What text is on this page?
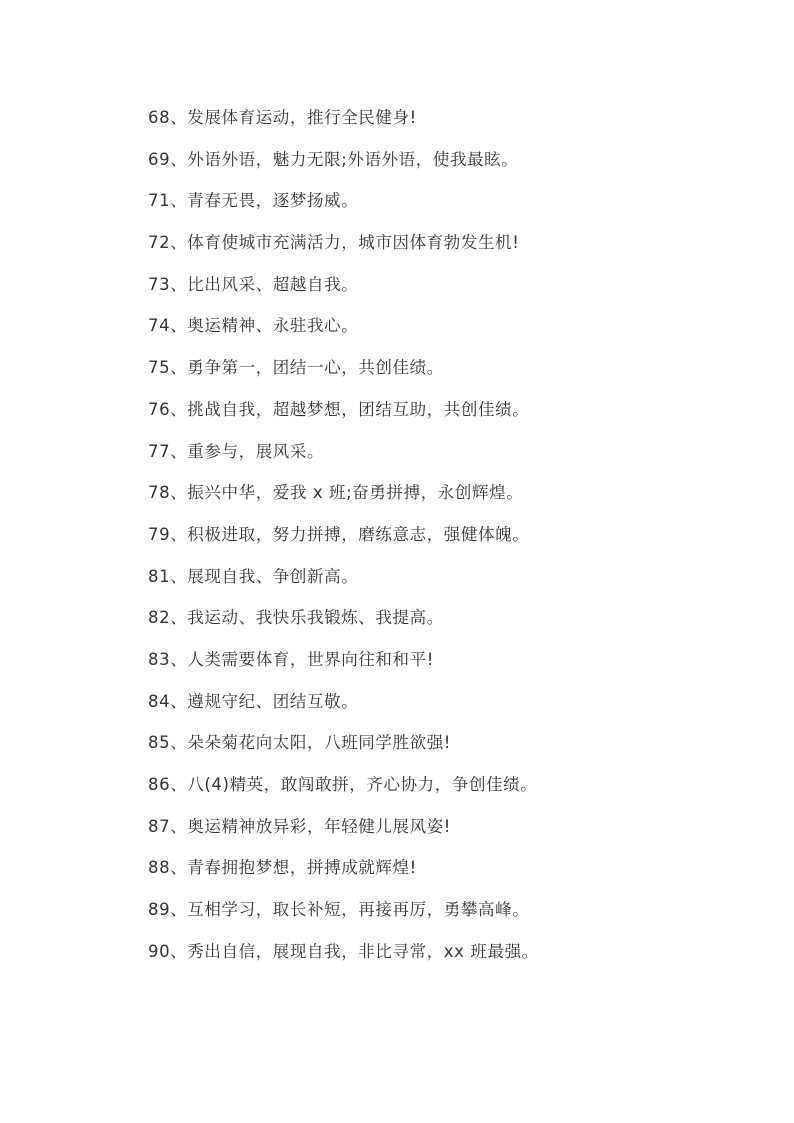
68、发展体育运动，推行全民健身!
69、外语外语，魅力无限;外语外语，使我最眩。
71、青春无畏，逐梦扬威。
72、体育使城市充满活力，城市因体育勃发生机!
73、比出风采、超越自我。
74、奥运精神、永驻我心。
75、勇争第一，团结一心，共创佳绩。
76、挑战自我，超越梦想，团结互助，共创佳绩。
77、重参与，展风采。
78、振兴中华，爱我 x 班;奋勇拼搏，永创辉煌。
79、积极进取，努力拼搏，磨练意志，强健体魄。
81、展现自我、争创新高。
82、我运动、我快乐我锻炼、我提高。
83、人类需要体育，世界向往和和平!
84、遵规守纪、团结互敬。
85、朵朵菊花向太阳，八班同学胜欲强!
86、八(4)精英，敢闯敢拼，齐心协力，争创佳绩。
87、奥运精神放异彩，年轻健儿展风姿!
88、青春拥抱梦想，拼搏成就辉煌!
89、互相学习，取长补短，再接再厉，勇攀高峰。
90、秀出自信，展现自我，非比寻常，xx 班最强。
